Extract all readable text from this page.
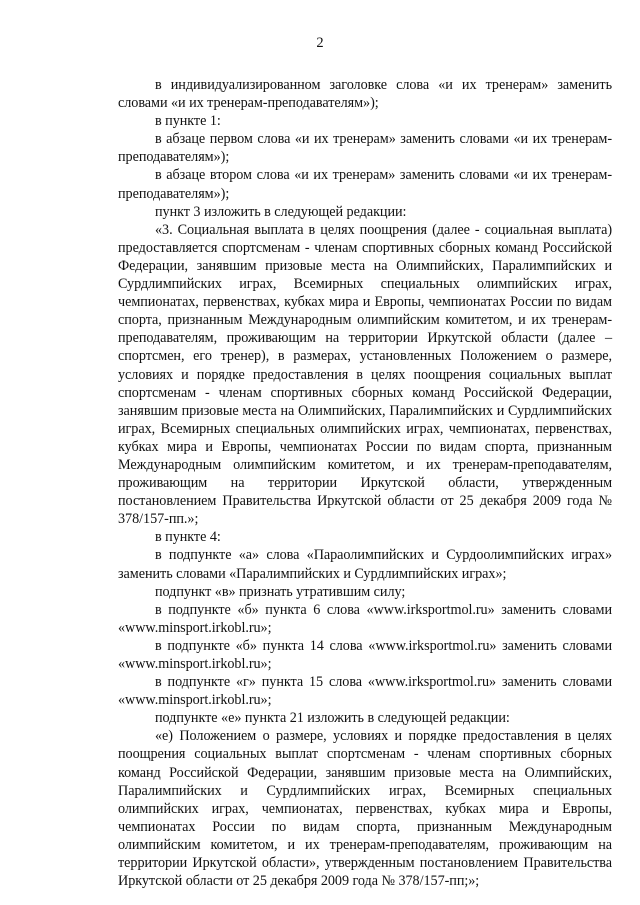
2

в индивидуализированном заголовке слова «и их тренерам» заменить словами «и их тренерам-преподавателям»);

в пункте 1:

в абзаце первом слова «и их тренерам» заменить словами «и их тренерам-преподавателям»);

в абзаце втором слова «и их тренерам» заменить словами «и их тренерам-преподавателям»);

пункт 3 изложить в следующей редакции:

«3. Социальная выплата в целях поощрения (далее - социальная выплата) предоставляется спортсменам - членам спортивных сборных команд Российской Федерации, занявшим призовые места на Олимпийских, Паралимпийских и Сурдлимпийских играх, Всемирных специальных олимпийских играх, чемпионатах, первенствах, кубках мира и Европы, чемпионатах России по видам спорта, признанным Международным олимпийским комитетом, и их тренерам-преподавателям, проживающим на территории Иркутской области (далее – спортсмен, его тренер), в размерах, установленных Положением о размере, условиях и порядке предоставления в целях поощрения социальных выплат спортсменам - членам спортивных сборных команд Российской Федерации, занявшим призовые места на Олимпийских, Паралимпийских и Сурдлимпийских играх, Всемирных специальных олимпийских играх, чемпионатах, первенствах, кубках мира и Европы, чемпионатах России по видам спорта, признанным Международным олимпийским комитетом, и их тренерам-преподавателям, проживающим на территории Иркутской области, утвержденным постановлением Правительства Иркутской области от 25 декабря 2009 года № 378/157-пп.»;

в пункте 4:

в подпункте «а» слова «Параолимпийских и Сурдоолимпийских играх» заменить словами «Паралимпийских и Сурдлимпийских играх»;

подпункт «в» признать утратившим силу;

в подпункте «б» пункта 6 слова «www.irksportmol.ru» заменить словами «www.minsport.irkobl.ru»;

в подпункте «б» пункта 14 слова «www.irksportmol.ru» заменить словами «www.minsport.irkobl.ru»;

в подпункте «г» пункта 15 слова «www.irksportmol.ru» заменить словами «www.minsport.irkobl.ru»;

подпункте «е» пункта 21 изложить в следующей редакции:

«е) Положением о размере, условиях и порядке предоставления в целях поощрения социальных выплат спортсменам - членам спортивных сборных команд Российской Федерации, занявшим призовые места на Олимпийских, Паралимпийских и Сурдлимпийских играх, Всемирных специальных олимпийских играх, чемпионатах, первенствах, кубках мира и Европы, чемпионатах России по видам спорта, признанным Международным олимпийским комитетом, и их тренерам-преподавателям, проживающим на территории Иркутской области», утвержденным постановлением Правительства Иркутской области от 25 декабря 2009 года № 378/157-пп;»;
